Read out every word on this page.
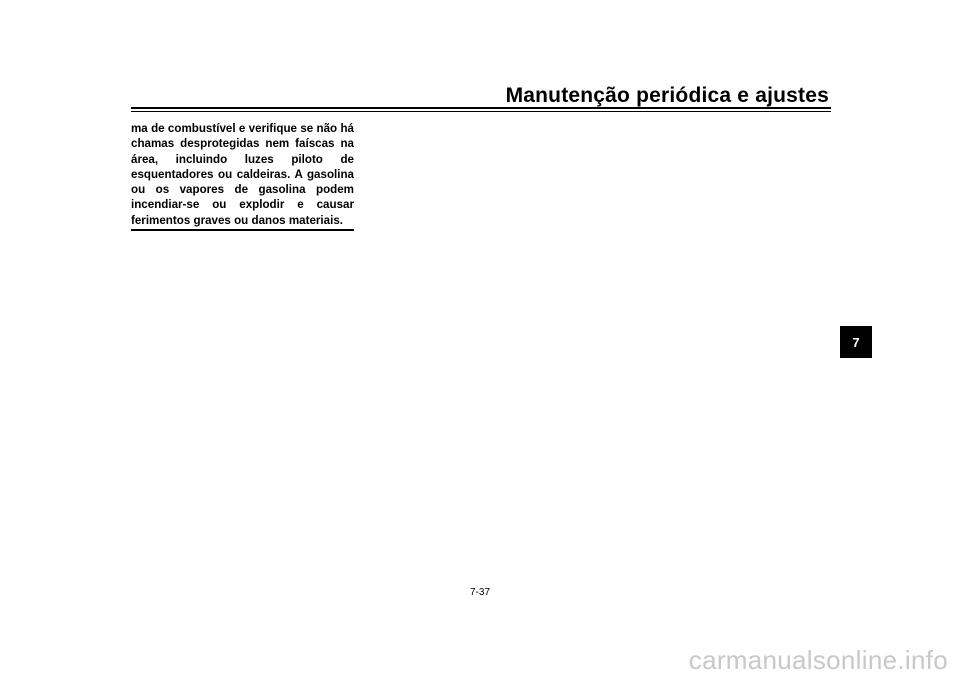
Manutenção periódica e ajustes

ma de combustível e verifique se não há chamas desprotegidas nem faíscas na área, incluindo luzes piloto de esquentadores ou caldeiras. A gasolina ou os vapores de gasolina podem incendiar-se ou explodir e causar ferimentos graves ou danos materiais.

7
7-37
carmanualsonline.info
